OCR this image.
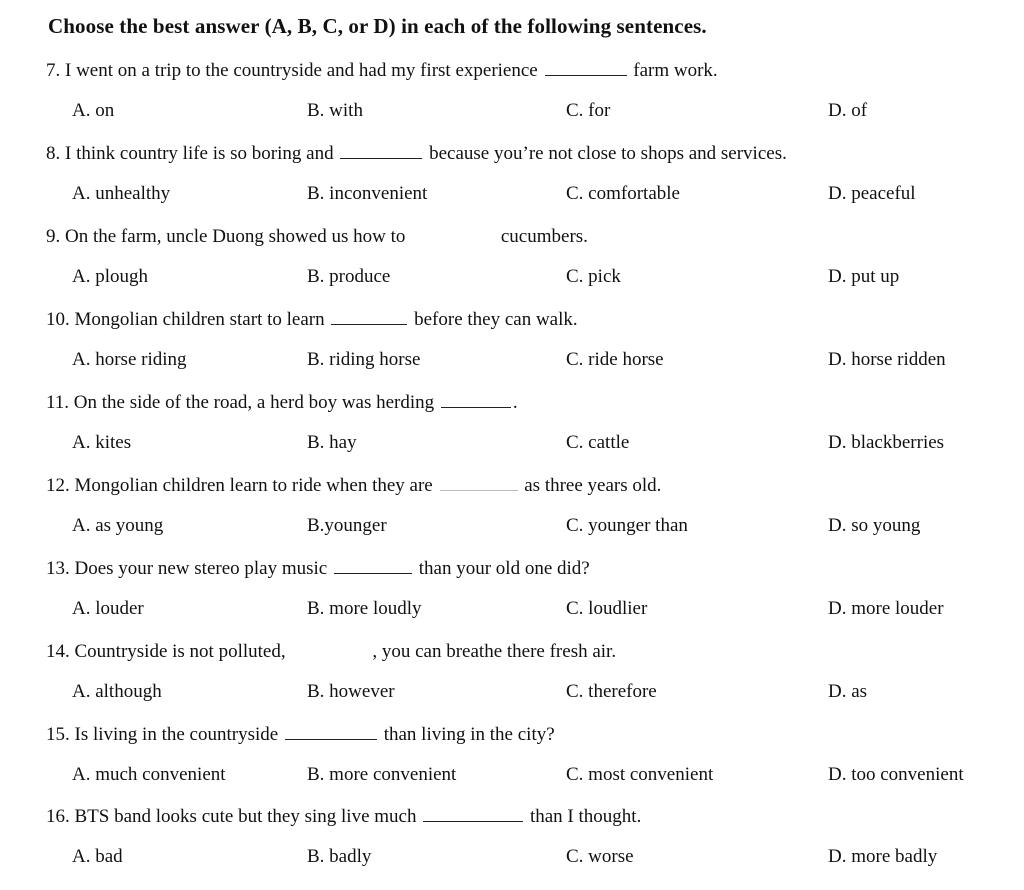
Choose the best answer (A, B, C, or D) in each of the following sentences.
7. I went on a trip to the countryside and had my first experience	farm work.
A. on	B. with	C. for	D. of
8. I think country life is so boring and	because you’re not close to shops and services.
A. unhealthy	B. inconvenient	C. comfortable	D. peaceful
9. On the farm, uncle Duong showed us how to	cucumbers.
A. plough	B. produce	C. pick	D. put up
10. Mongolian children start to learn	before they can walk.
A. horse riding	B. riding horse	C. ride horse	D. horse ridden
11. On the side of the road, a herd boy was herding	.
A. kites	B. hay	C. cattle	D. blackberries
12. Mongolian children learn to ride when they are	as three years old.
A. as young	B.younger	C. younger than	D. so young
13. Does your new stereo play music	than your old one did?
A. louder	B. more loudly	C. loudlier	D. more louder
14. Countryside is not polluted,	, you can breathe there fresh air.
A. although	B. however	C. therefore	D. as
15. Is living in the countryside	than living in the city?
A. much convenient	B. more convenient	C. most convenient	D. too convenient
16. BTS band looks cute but they sing live much	than I thought.
A. bad	B. badly	C. worse	D. more badly
